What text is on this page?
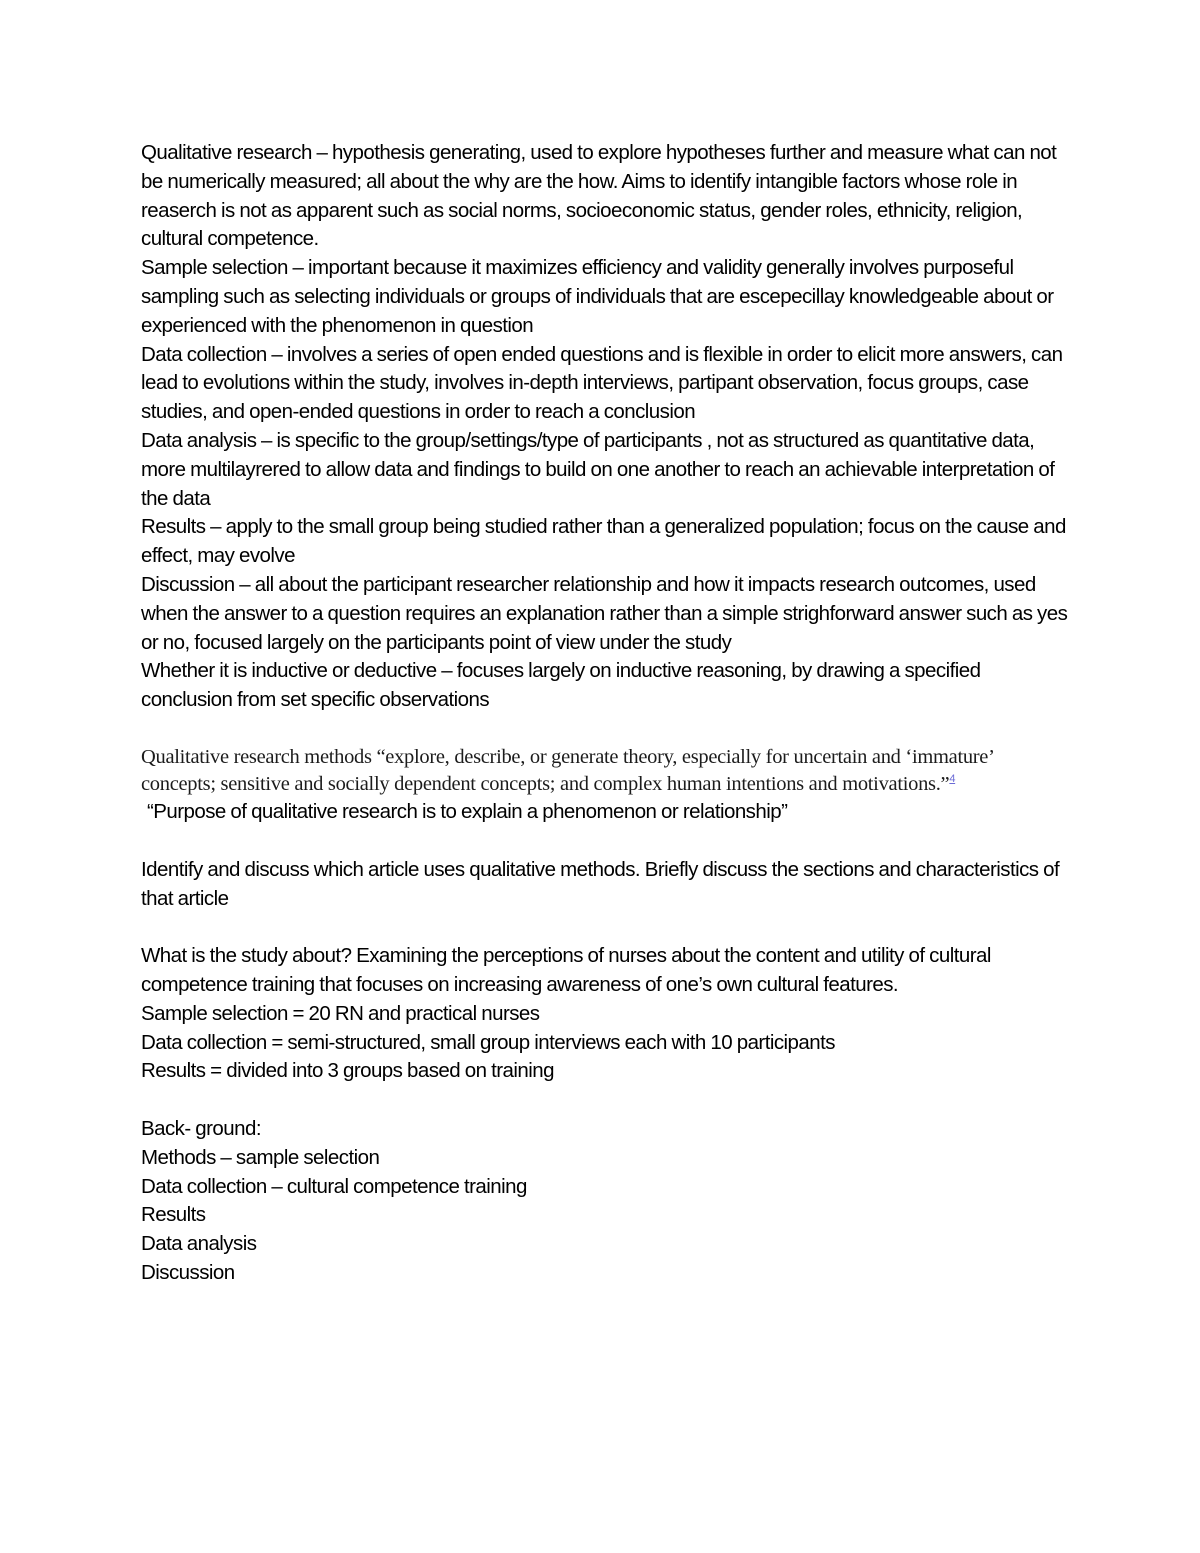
Qualitative research – hypothesis generating, used to explore hypotheses further and measure what can not be numerically measured; all about the why are the how. Aims to identify intangible factors whose role in reaserch is not as apparent such as social norms, socioeconomic status, gender roles, ethnicity, religion, cultural competence.

Sample selection – important because it maximizes efficiency and validity generally involves purposeful sampling such as selecting individuals or groups of individuals that are escepecillay knowledgeable about or experienced with the phenomenon in question

Data collection – involves a series of open ended questions and is flexible in order to elicit more answers, can lead to evolutions within the study, involves in-depth interviews, partipant observation, focus groups, case studies, and open-ended questions in order to reach a conclusion

Data analysis – is specific to the group/settings/type of participants , not as structured as quantitative data, more multilayrered to allow data and findings to build on one another to reach an achievable interpretation of the data

Results – apply to the small group being studied rather than a generalized population; focus on the cause and effect, may evolve

Discussion – all about the participant researcher relationship and how it impacts research outcomes, used when the answer to a question requires an explanation rather than a simple strighforward answer such as yes or no, focused largely on the participants point of view under the study

Whether it is inductive or deductive – focuses largely on inductive reasoning, by drawing a specified conclusion from set specific observations

Qualitative research methods “explore, describe, or generate theory, especially for uncertain and ‘immature’ concepts; sensitive and socially dependent concepts; and complex human intentions and motivations.”$^4$

“Purpose of qualitative research is to explain a phenomenon or relationship”

Identify and discuss which article uses qualitative methods. Briefly discuss the sections and characteristics of that article

What is the study about? Examining the perceptions of nurses about the content and utility of cultural competence training that focuses on increasing awareness of one’s own cultural features.

Sample selection = 20 RN and practical nurses

Data collection = semi-structured, small group interviews each with 10 participants

Results = divided into 3 groups based on training

Back- ground:

Methods – sample selection

Data collection – cultural competence training

Results

Data analysis

Discussion
